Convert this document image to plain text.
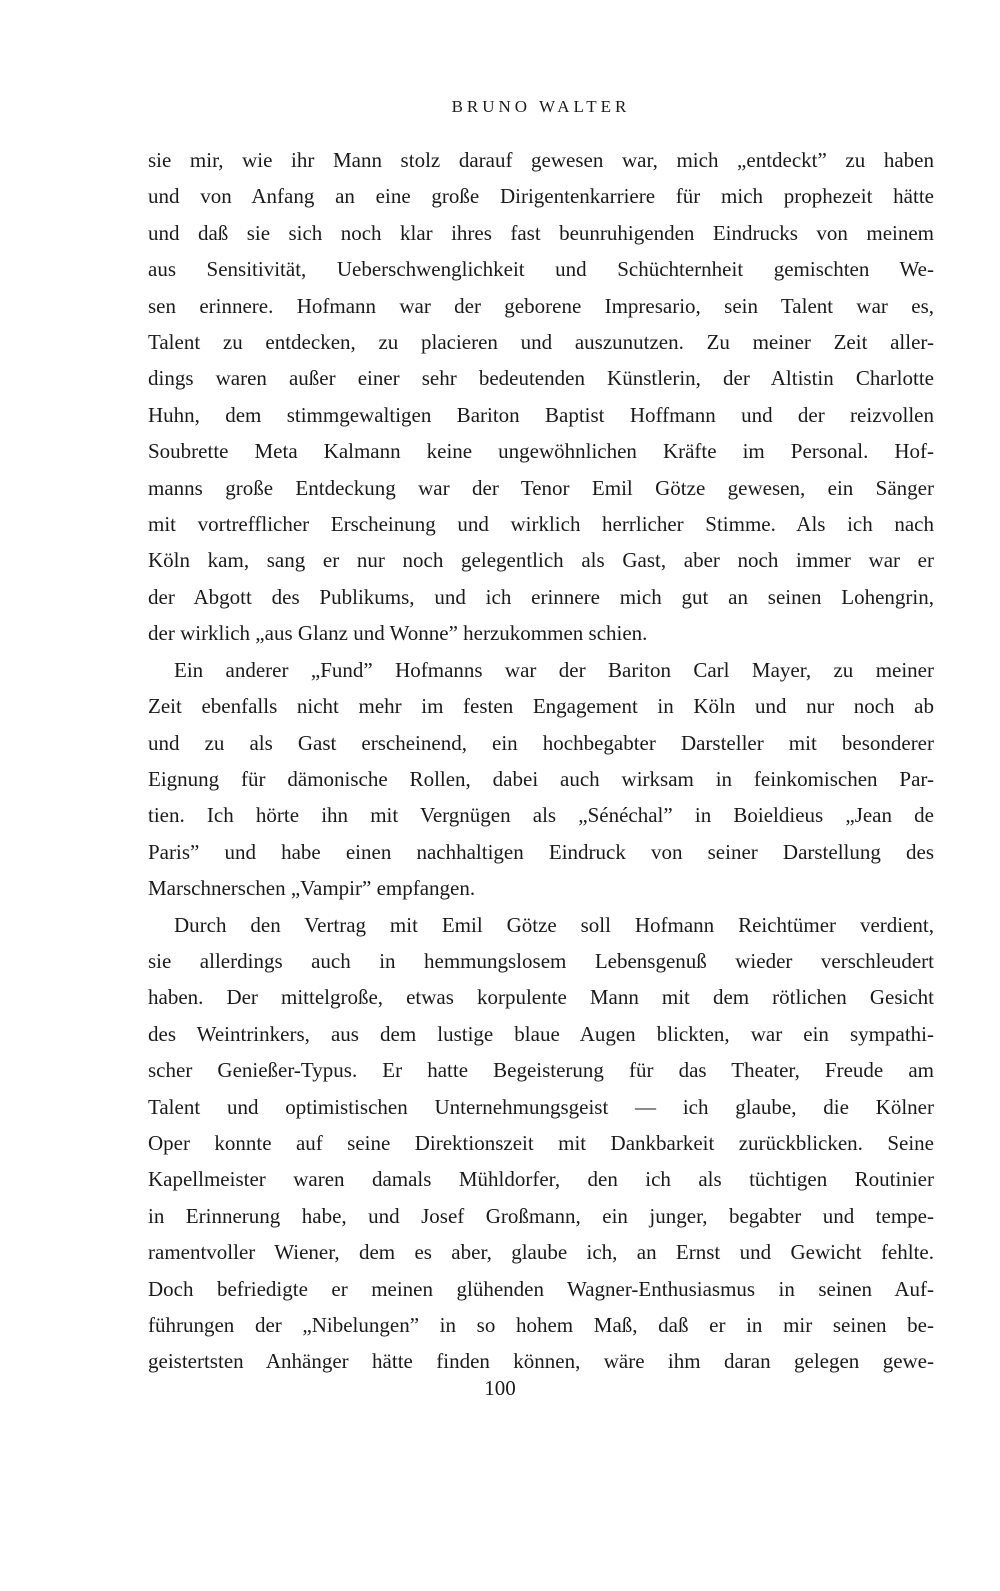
BRUNO WALTER
sie mir, wie ihr Mann stolz darauf gewesen war, mich „entdeckt” zu haben
und von Anfang an eine große Dirigentenkarriere für mich prophezeit hätte
und daß sie sich noch klar ihres fast beunruhigenden Eindrucks von meinem
aus Sensitivität, Ueberschwenglichkeit und Schüchternheit gemischten We-
sen erinnere. Hofmann war der geborene Impresario, sein Talent war es,
Talent zu entdecken, zu placieren und auszunutzen. Zu meiner Zeit aller-
dings waren außer einer sehr bedeutenden Künstlerin, der Altistin Charlotte
Huhn, dem stimmgewaltigen Bariton Baptist Hoffmann und der reizvollen
Soubrette Meta Kalmann keine ungewöhnlichen Kräfte im Personal. Hof-
manns große Entdeckung war der Tenor Emil Götze gewesen, ein Sänger
mit vortrefflicher Erscheinung und wirklich herrlicher Stimme. Als ich nach
Köln kam, sang er nur noch gelegentlich als Gast, aber noch immer war er
der Abgott des Publikums, und ich erinnere mich gut an seinen Lohengrin,
der wirklich „aus Glanz und Wonne” herzukommen schien.
Ein anderer „Fund” Hofmanns war der Bariton Carl Mayer, zu meiner
Zeit ebenfalls nicht mehr im festen Engagement in Köln und nur noch ab
und zu als Gast erscheinend, ein hochbegabter Darsteller mit besonderer
Eignung für dämonische Rollen, dabei auch wirksam in feinkomischen Par-
tien. Ich hörte ihn mit Vergnügen als „Sénéchal” in Boieldieus „Jean de
Paris” und habe einen nachhaltigen Eindruck von seiner Darstellung des
Marschnerschen „Vampir” empfangen.
Durch den Vertrag mit Emil Götze soll Hofmann Reichtümer verdient,
sie allerdings auch in hemmungslosem Lebensgenuß wieder verschleudert
haben. Der mittelgroße, etwas korpulente Mann mit dem rötlichen Gesicht
des Weintrinkers, aus dem lustige blaue Augen blickten, war ein sympathi-
scher Genießer-Typus. Er hatte Begeisterung für das Theater, Freude am
Talent und optimistischen Unternehmungsgeist — ich glaube, die Kölner
Oper konnte auf seine Direktionszeit mit Dankbarkeit zurückblicken. Seine
Kapellmeister waren damals Mühldorfer, den ich als tüchtigen Routinier
in Erinnerung habe, und Josef Großmann, ein junger, begabter und tempe-
ramentvoller Wiener, dem es aber, glaube ich, an Ernst und Gewicht fehlte.
Doch befriedigte er meinen glühenden Wagner-Enthusiasmus in seinen Auf-
führungen der „Nibelungen” in so hohem Maß, daß er in mir seinen be-
geistertsten Anhänger hätte finden können, wäre ihm daran gelegen gewe-
100
